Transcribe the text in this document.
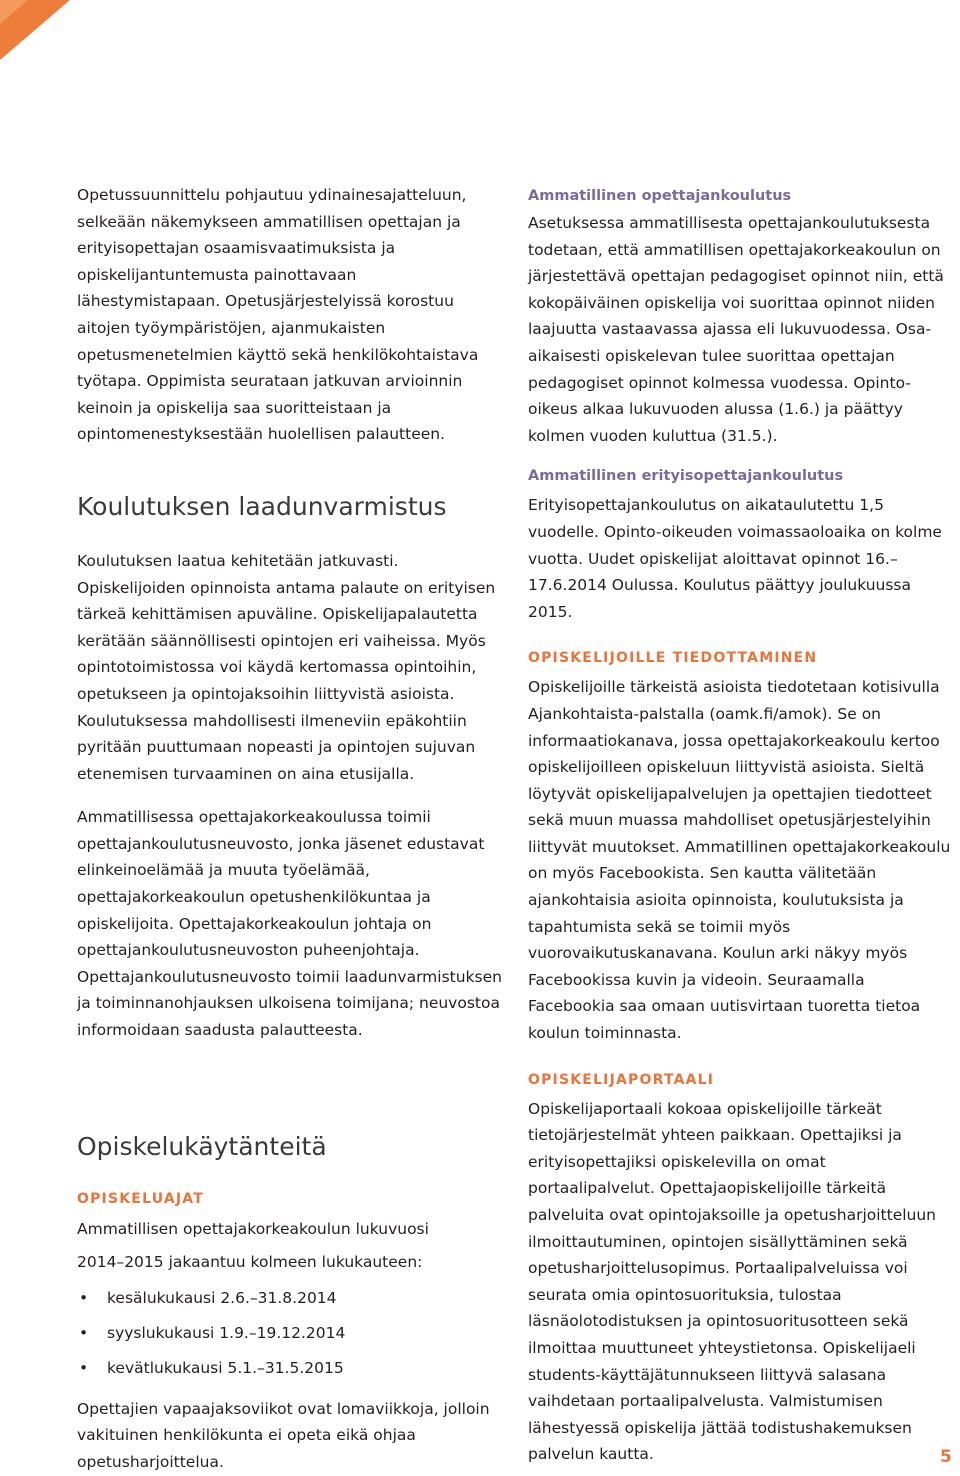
Opetussuunnittelu pohjautuu ydinainesajatteluun, selkeään näkemykseen ammatillisen opettajan ja erityisopettajan osaamisvaatimuksista ja opiskelijantuntemusta painottavaan lähestymistapaan. Opetusjärjestelyissä korostuu aitojen työympäristöjen, ajanmukaisten opetusmenetelmien käyttö sekä henkilökohtaistava työtapa. Oppimista seurataan jatkuvan arvioinnin keinoin ja opiskelija saa suoritteistaan ja opintomenestyksestään huolellisen palautteen.

Koulutuksen laadunvarmistus

Koulutuksen laatua kehitetään jatkuvasti. Opiskelijoiden opinnoista antama palaute on erityisen tärkeä kehittämisen apuväline. Opiskelijapalautetta kerätään säännöllisesti opintojen eri vaiheissa. Myös opintotoimistossa voi käydä kertomassa opintoihin, opetukseen ja opintojaksoihin liittyvistä asioista. Koulutuksessa mahdollisesti ilmeneviin epäkohtiin pyritään puuttumaan nopeasti ja opintojen sujuvan etenemisen turvaaminen on aina etusijalla.

Ammatillisessa opettajakorkeakoulussa toimii opettajankoulutusneuvosto, jonka jäsenet edustavat elinkeinoelämää ja muuta työelämää, opettajakorkeakoulun opetushenkilökuntaa ja opiskelijoita. Opettajakorkeakoulun johtaja on opettajankoulutusneuvoston puheenjohtaja. Opettajankoulutusneuvosto toimii laadunvarmistuksen ja toiminnanohjauksen ulkoisena toimijana; neuvostoa informoidaan saadusta palautteesta.

Opiskelukäytänteitä
OPISKELUAJAT

Ammatillisen opettajakorkeakoulun lukuvuosi

2014–2015 jakaantuu kolmeen lukukauteen:

• kesälukukausi 2.6.–31.8.2014
• syyslukukausi 1.9.–19.12.2014
• kevätlukukausi 5.1.–31.5.2015

Opettajien vapaajaksoviikot ovat lomaviikkoja, jolloin vakituinen henkilökunta ei opeta eikä ohjaa opetusharjoittelua.

Ammatillinen opettajankoulutus

Asetuksessa ammatillisesta opettajankoulutuksesta todetaan, että ammatillisen opettajakorkeakoulun on järjestettävä opettajan pedagogiset opinnot niin, että kokopäiväinen opiskelija voi suorittaa opinnot niiden laajuutta vastaavassa ajassa eli lukuvuodessa. Osa-aikaisesti opiskelevan tulee suorittaa opettajan pedagogiset opinnot kolmessa vuodessa. Opinto-oikeus alkaa lukuvuoden alussa (1.6.) ja päättyy kolmen vuoden kuluttua (31.5.).

Ammatillinen erityisopettajankoulutus

Erityisopettajankoulutus on aikataulutettu 1,5 vuodelle. Opinto-oikeuden voimassaoloaika on kolme vuotta. Uudet opiskelijat aloittavat opinnot 16.–17.6.2014 Oulussa. Koulutus päättyy joulukuussa 2015.

OPISKELIJOILLE TIEDOTTAMINEN

Opiskelijoille tärkeistä asioista tiedotetaan kotisivulla Ajankohtaista-palstalla (oamk.fi/amok). Se on informaatiokanava, jossa opettajakorkeakoulu kertoo opiskelijoilleen opiskeluun liittyvistä asioista. Sieltä löytyvät opiskelijapalvelujen ja opettajien tiedotteet sekä muun muassa mahdolliset opetusjärjestelyihin liittyvät muutokset. Ammatillinen opettajakorkeakoulu on myös Facebookista. Sen kautta välitetään ajankohtaisia asioita opinnoista, koulutuksista ja tapahtumista sekä se toimii myös vuorovaikutuskanavana. Koulun arki näkyy myös Facebookissa kuvin ja videoin. Seuraamalla Facebookia saa omaan uutisvirtaan tuoretta tietoa koulun toiminnasta.

OPISKELIJAPORTAALI

Opiskelijaportaali kokoaa opiskelijoille tärkeät tietojärjestelmät yhteen paikkaan. Opettajiksi ja erityisopettajiksi opiskelevilla on omat portaalipalvelut. Opettajaopiskelijoille tärkeitä palveluita ovat opintojaksoille ja opetusharjoitteluun ilmoittautuminen, opintojen sisällyttäminen sekä opetusharjoittelusopimus. Portaalipalveluissa voi seurata omia opintosuorituksia, tulostaa läsnäolotodistuksen ja opintosuoritusotteen sekä ilmoittaa muuttuneet yhteystietonsa. Opiskelijaeli students-käyttäjätunnukseen liittyvä salasana vaihdetaan portaalipalvelusta. Valmistumisen lähestyessä opiskelija jättää todistushakemuksen palvelun kautta.	5
